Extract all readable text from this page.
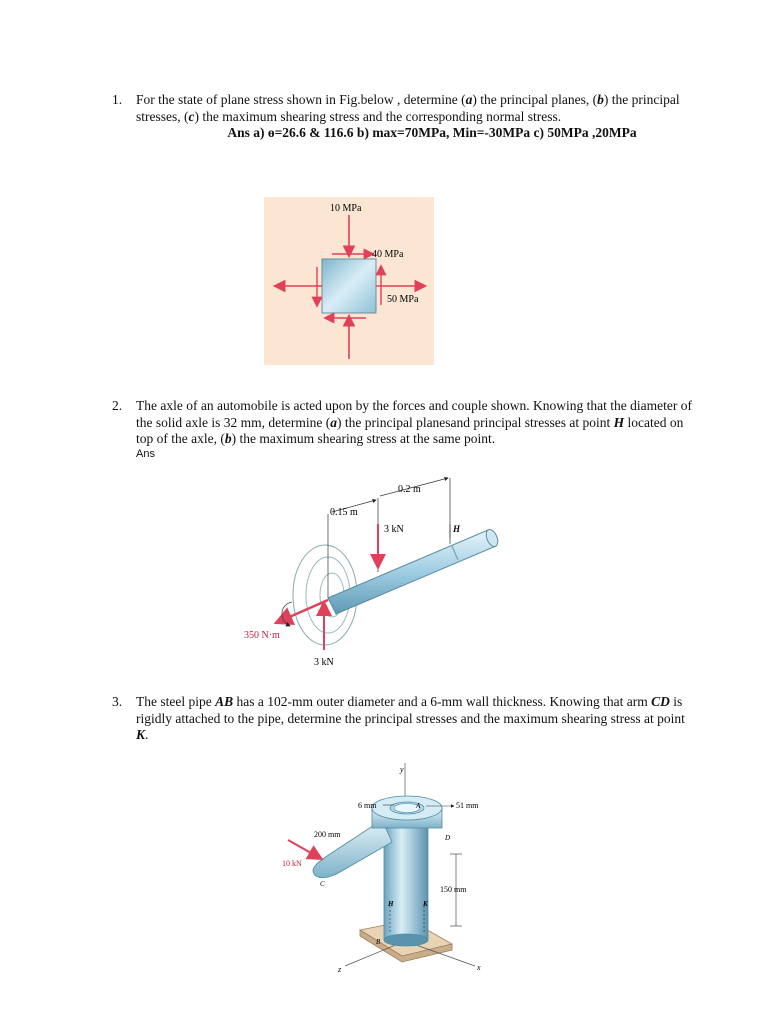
1. For the state of plane stress shown in Fig.below , determine (a) the principal planes, (b) the principal stresses, (c) the maximum shearing stress and the corresponding normal stress.
Ans a) ɵ=26.6 & 116.6 b) max=70MPa, Min=-30MPa c) 50MPa ,20MPa
10 MPa
40 MPa
50 MPa
2. The axle of an automobile is acted upon by the forces and couple shown. Knowing that the diameter of the solid axle is 32 mm, determine (a) the principal planesand principal stresses at point H located on top of the axle, (b) the maximum shearing stress at the same point.
Ans
0.15 m
0.2 m
3 kN	H
3 kN
350 N·m
3. The steel pipe AB has a 102-mm outer diameter and a 6-mm wall thickness. Knowing that arm CD is rigidly attached to the pipe, determine the principal stresses and the maximum shearing stress at point K.
y
x
z
6 mm	A	51 mm
D
200 mm
150 mm
10 kN
C
H	K
B
